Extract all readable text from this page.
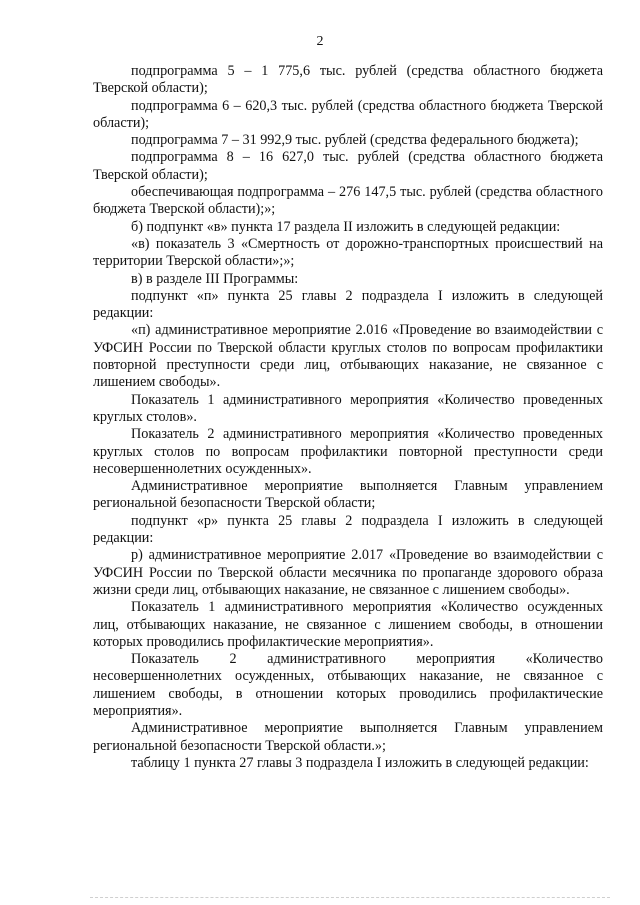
2

подпрограмма 5 – 1 775,6 тыс. рублей (средства областного бюджета Тверской области);

подпрограмма 6 – 620,3 тыс. рублей (средства областного бюджета Тверской области);

подпрограмма 7 – 31 992,9 тыс. рублей (средства федерального бюджета);

подпрограмма 8 – 16 627,0 тыс. рублей (средства областного бюджета Тверской области);

обеспечивающая подпрограмма – 276 147,5 тыс. рублей (средства областного бюджета Тверской области);»;

б) подпункт «в» пункта 17 раздела II изложить в следующей редакции:

«в) показатель 3 «Смертность от дорожно-транспортных происшествий на территории Тверской области»;»;

в) в разделе III Программы:

подпункт «п» пункта 25 главы 2 подраздела I изложить в следующей редакции:

«п) административное мероприятие 2.016 «Проведение во взаимодействии с УФСИН России по Тверской области круглых столов по вопросам профилактики повторной преступности среди лиц, отбывающих наказание, не связанное с лишением свободы».

Показатель 1 административного мероприятия «Количество проведенных круглых столов».

Показатель 2 административного мероприятия «Количество проведенных круглых столов по вопросам профилактики повторной преступности среди несовершеннолетних осужденных».

Административное мероприятие выполняется Главным управлением региональной безопасности Тверской области;

подпункт «р» пункта 25 главы 2 подраздела I изложить в следующей редакции:

р) административное мероприятие 2.017 «Проведение во взаимодействии с УФСИН России по Тверской области месячника по пропаганде здорового образа жизни среди лиц, отбывающих наказание, не связанное с лишением свободы».

Показатель 1 административного мероприятия «Количество осужденных лиц, отбывающих наказание, не связанное с лишением свободы, в отношении которых проводились профилактические мероприятия».

Показатель 2 административного мероприятия «Количество несовершеннолетних осужденных, отбывающих наказание, не связанное с лишением свободы, в отношении которых проводились профилактические мероприятия».

Административное мероприятие выполняется Главным управлением региональной безопасности Тверской области.»;

таблицу 1 пункта 27 главы 3 подраздела I изложить в следующей редакции:
